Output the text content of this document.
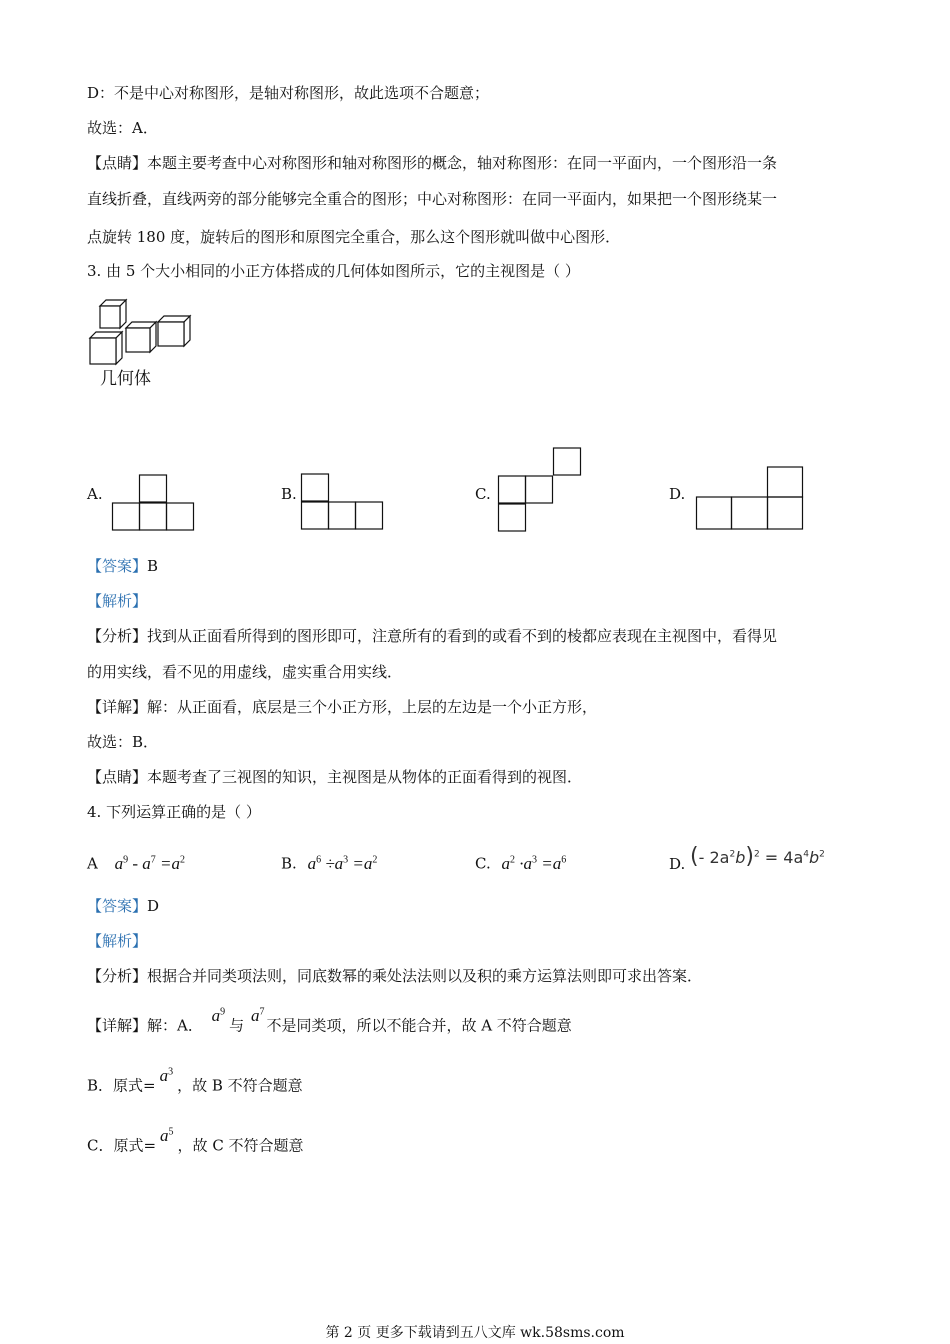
D：不是中心对称图形，是轴对称图形，故此选项不合题意；
故选：A．
【点睛】本题主要考查中心对称图形和轴对称图形的概念，轴对称图形：在同一平面内，一个图形沿一条
直线折叠，直线两旁的部分能够完全重合的图形；中心对称图形：在同一平面内，如果把一个图形绕某一
点旋转 180 度，旋转后的图形和原图完全重合，那么这个图形就叫做中心图形．
3. 由 5 个大小相同的小正方体搭成的几何体如图所示，它的主视图是（ ）
几何体
A.	B.	C.	D.
【答案】B
【解析】
【分析】找到从正面看所得到的图形即可，注意所有的看到的或看不到的棱都应表现在主视图中，看得见
的用实线，看不见的用虚线，虚实重合用实线．
【详解】解：从正面看，底层是三个小正方形，上层的左边是一个小正方形，
故选：B．
【点睛】本题考查了三视图的知识，主视图是从物体的正面看得到的视图．
4. 下列运算正确的是（ ）
A $a^9 - a^7 =a^2$	B. $a^6 \div a^3 =a^2$	C. $a^2 \cdot a^3 =a^6$	D. (- $2a^2b)^2 = 4a^4b^2$
【答案】D
【解析】
【分析】根据合并同类项法则，同底数幂的乘处法法则以及积的乘方运算法则即可求出答案．
【详解】解：A． $a^9$与 $a^7$不是同类项，所以不能合并，故 A 不符合题意
B．原式$=a^3$，故 B 不符合题意
C．原式$=a^5$，故 C 不符合题意
第 2 页 更多下载请到五八文库 wk.58sms.com
